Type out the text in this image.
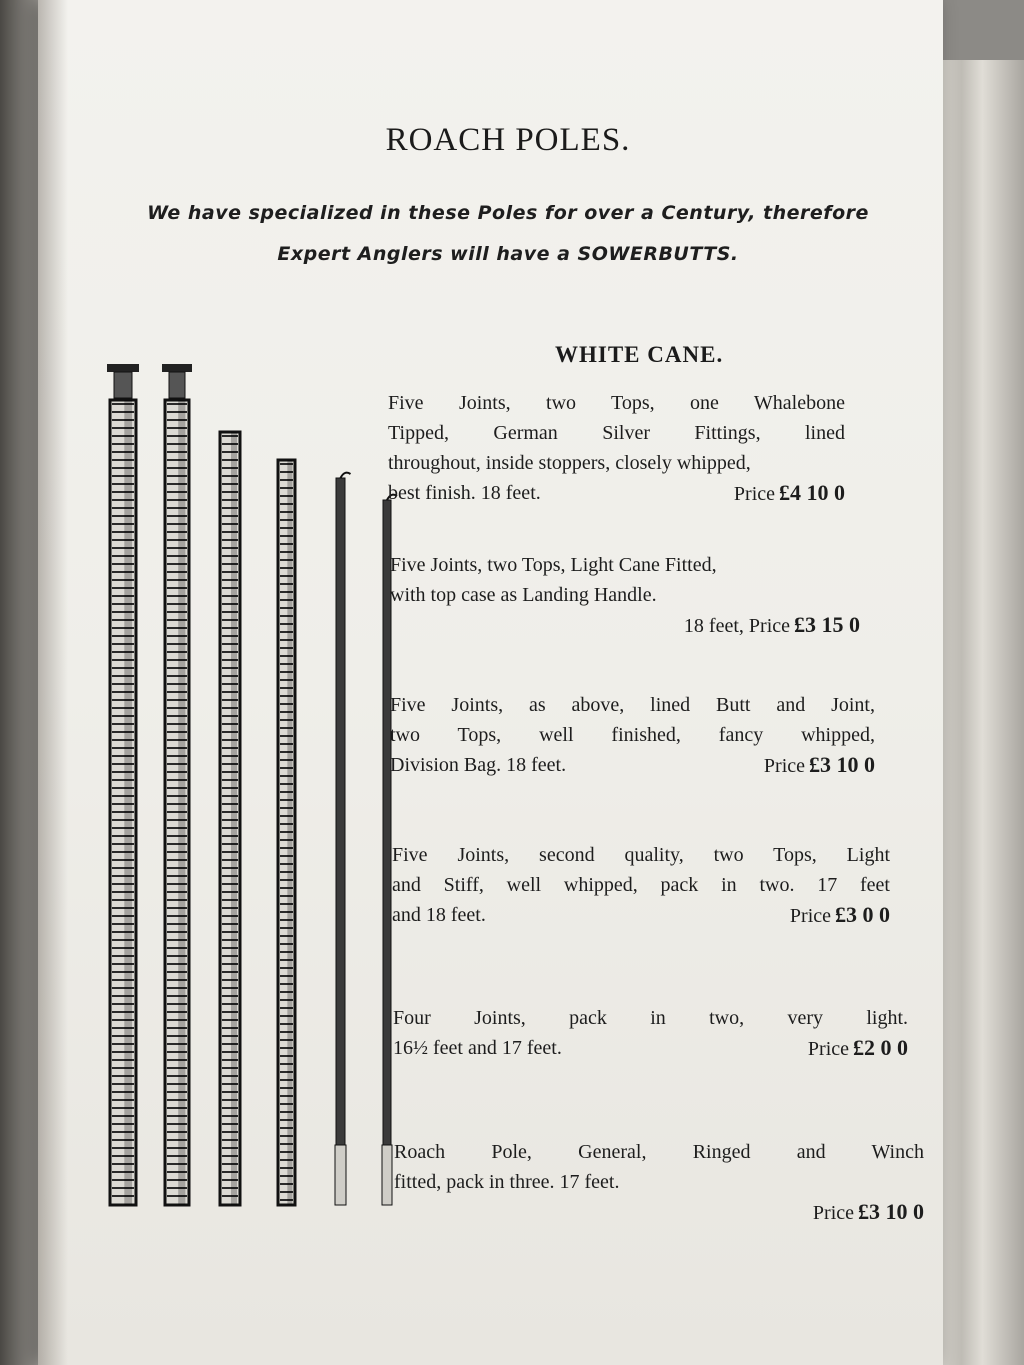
ROACH POLES.
We have specialized in these Poles for over a Century, therefore
Expert Anglers will have a SOWERBUTTS.
WHITE CANE.
Five Joints, two Tops, one Whalebone
Tipped, German Silver Fittings, lined
throughout, inside stoppers, closely whipped,
best finish. 18 feet.	Price £4 10 0
Five Joints, two Tops, Light Cane Fitted,
with top case as Landing Handle.
18 feet, Price £3 15 0
Five Joints, as above, lined Butt and Joint,
two Tops, well finished, fancy whipped,
Division Bag. 18 feet.	Price £3 10 0
Five Joints, second quality, two Tops, Light
and Stiff, well whipped, pack in two. 17 feet
and 18 feet.	Price £3 0 0
Four Joints, pack in two, very light.
16½ feet and 17 feet.	Price £2 0 0
Roach Pole, General, Ringed and Winch
fitted, pack in three. 17 feet.
Price £3 10 0
